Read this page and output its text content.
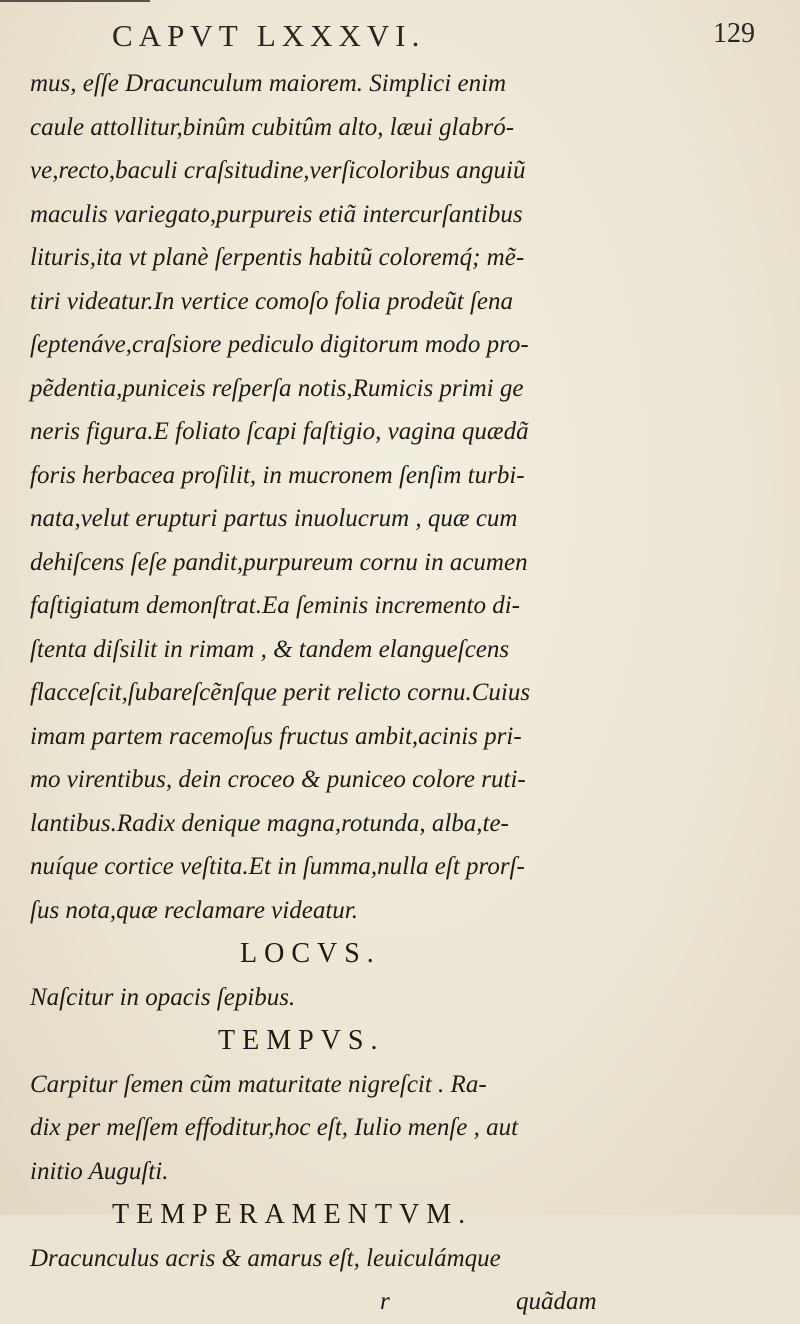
CAPVT LXXXVI.	129
mus, eſſe Dracunculum maiorem. Simplici enim
caule attollitur,binûm cubitûm alto, læui glabró-
ve,recto,baculi craſsitudine,verſicoloribus anguiũ
maculis variegato,purpureis etiã intercurſantibus
lituris,ita vt planè ſerpentis habitũ coloremq́; mẽ-
tiri videatur.In vertice comoſo folia prodeũt ſena
ſeptenáve,craſsiore pediculo digitorum modo pro-
pẽdentia,puniceis reſperſa notis,Rumicis primi ge
neris figura.E foliato ſcapi faſtigio, vagina quædã
foris herbacea proſilit, in mucronem ſenſim turbi-
nata,velut erupturi partus inuolucrum , quæ cum
dehiſcens ſeſe pandit,purpureum cornu in acumen
faſtigiatum demonſtrat.Ea ſeminis incremento di-
ſtenta diſsilit in rimam , & tandem elangueſcens
flacceſcit,ſubareſcẽnſque perit relicto cornu.Cuius
imam partem racemoſus fructus ambit,acinis pri-
mo virentibus, dein croceo & puniceo colore ruti-
lantibus.Radix denique magna,rotunda, alba,te-
nuíque cortice veſtita.Et in ſumma,nulla eſt prorſ-
ſus nota,quæ reclamare videatur.
LOCVS.
Naſcitur in opacis ſepibus.
TEMPVS.
Carpitur ſemen cũm maturitate nigreſcit . Ra-
dix per meſſem effoditur,hoc eſt, Iulio menſe , aut
initio Auguſti.
TEMPERAMENTVM.
Dracunculus acris & amarus eſt, leuiculámque
r	quãdam
